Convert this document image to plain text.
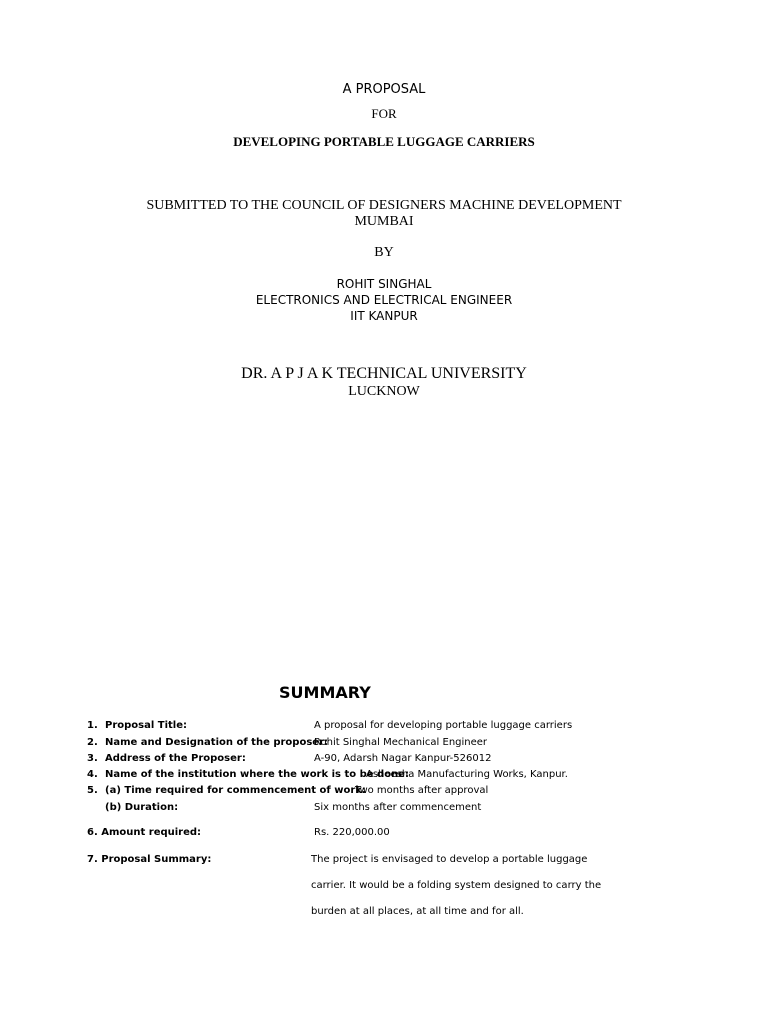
A PROPOSAL
FOR
DEVELOPING PORTABLE LUGGAGE CARRIERS
SUBMITTED TO THE COUNCIL OF DESIGNERS MACHINE DEVELOPMENT
MUMBAI
BY
ROHIT SINGHAL
ELECTRONICS AND ELECTRICAL ENGINEER
IIT KANPUR
DR. A P J A K TECHNICAL UNIVERSITY
LUCKNOW
SUMMARY
1. Proposal Title:	A proposal for developing portable luggage carriers
2. Name and Designation of the proposer:
Rohit Singhal Mechanical Engineer
3. Address of the Proposer:	A-90, Adarsh Nagar Kanpur-526012
4. Name of the institution where the work is to be done:
Asheesha Manufacturing Works, Kanpur.
5. (a) Time required for commencement of work:
Two months after approval
(b) Duration:	Six months after commencement
6. Amount required:	Rs. 220,000.00
7. Proposal Summary:	The project is envisaged to develop a portable luggage
carrier. It would be a folding system designed to carry the
burden at all places, at all time and for all.
